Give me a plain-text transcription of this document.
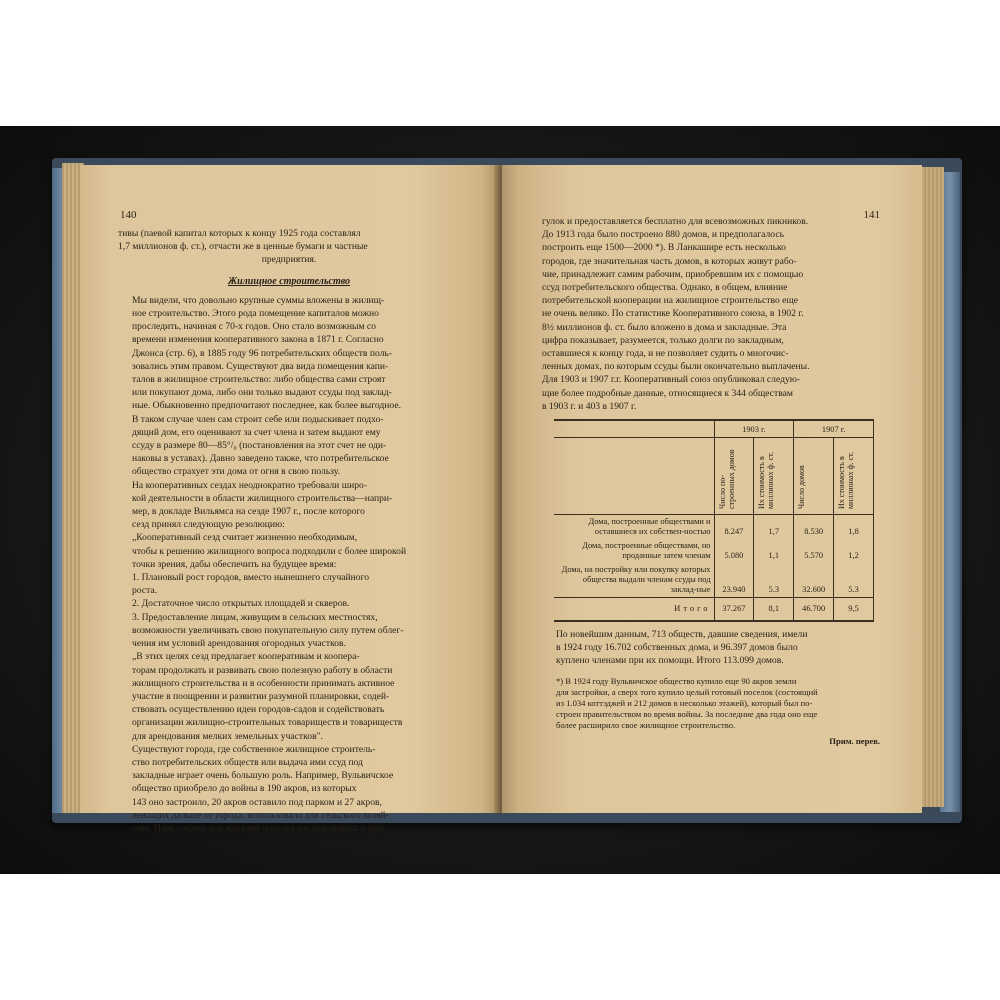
140

тивы (паевой капитал которых к концу 1925 года составлял
1,7 миллионов ф. ст.), отчасти же в ценные бумаги и частные
предприятия.

Жилищное строительство

Мы видели, что довольно крупные суммы вложены в жилищ-
ное строительство. Этого рода помещение капиталов можно
проследить, начиная с 70-х годов. Оно стало возможным со
времени изменения кооперативного закона в 1871 г. Согласно
Джонса (стр. 6), в 1885 году 96 потребительских обществ поль-
зовались этим правом. Существуют два вида помещения капи-
талов в жилищное строительство: либо общества сами строят
или покупают дома, либо они только выдают ссуды под заклад-
ные. Обыкновенно предпочитают последнее, как более выгодное.
В таком случае член сам строит себе или подыскивает подхо-
дящий дом, его оценивают за счет члена и затем выдают ему
ссуду в размере 80—85°/₀ (постановления на этот счет не оди-
наковы в уставах). Давно заведено также, что потребительское
общество страхует эти дома от огня в свою пользу.

На кооперативных сездах неоднократно требовали широ-
кой деятельности в области жилищного строительства—напри-
мер, в докладе Вильямса на сезде 1907 г., после которого
сезд принял следующую резолюцию:

„Кооперативный сезд считает жизненно необходимым,
чтобы к решению жилищного вопроса подходили с более широкой
точки зрения, дабы обеспечить на будущее время:

1. Плановый рост городов, вместо нынешнего случайного
роста.

2. Достаточное число открытых площадей и скверов.

3. Предоставление лицам, живущим в сельских местностях,
возможности увеличивать свою покупательную силу путем облег-
чения им условий арендования огородных участков.

„В этих целях сезд предлагает кооперативам и коопера-
торам продолжать и развивать свою полезную работу в области
жилищного строительства и в особенности принимать активное
участие в поощрении и развитии разумной планировки, содей-
ствовать осуществлению идеи городов-садов и содействовать
организации жилищно-строительных товариществ и товариществ
для арендования мелких земельных участков".

Существуют города, где собственное жилищное строитель-
ство потребительских обществ или выдача ими ссуд под
закладные играет очень большую роль. Например, Вульвичское
общество приобрело до войны в 190 акров, из которых
143 оно застроило, 20 акров оставило под парком и 27 акров,
лежащих дальше от города, использовало для сельского хозяй-
ства. Парк служит для жителей поселка местом отдыха и про-

141

гулок и предоставляется бесплатно для всевозможных пикников.
До 1913 года было построено 880 домов, и предполагалось
построить еще 1500—2000 *). В Ланкашире есть несколько
городов, где значительная часть домов, в которых живут рабо-
чие, принадлежит самим рабочим, приобревшим их с помощью
ссуд потребительского общества. Однако, в общем, влияние
потребительской кооперации на жилищное строительство еще
не очень велико. По статистике Кооперативного союза, в 1902 г.
8½ миллионов ф. ст. было вложено в дома и закладные. Эта
цифра показывает, разумеется, только долги по закладным,
оставшиеся к концу года, и не позволяет судить о многочис-
ленных домах, по которым ссуды были окончательно выплачены.
Для 1903 и 1907 г.г. Кооперативный союз опубликовал следую-
щие более подробные данные, относящиеся к 344 обществам
в 1903 г. и 403 в 1907 г.

	1903 г.		1907 г.	
	Число по-строенных домов	Их стоимость в миллионах ф. ст.	Число домов	Их стоимость в миллионах ф. ст.
Дома, построенные обществами и оставшиеся их собствен-ностью	8.247	1,7	8.530	1,8
Дома, построенные обществами, но проданные затем членам	5.080	1,1	5.570	1,2
Дома, на постройку или покупку которых общества выдали членам ссуды под заклад-ные	23.940	5.3	32.600	5.3
Итого	37.267	8,1	46.700	9,5

По новейшим данным, 713 обществ, давшие сведения, имели
в 1924 году 16.702 собственных дома, и 96.397 домов было
куплено членами при их помощи. Итого 113.099 домов.

*) В 1924 году Вульвичское общество купило еще 90 акров земли
для застройки, а сверх того купило целый готовый поселок (состоящий
из 1.034 коттэджей и 212 домов в несколько этажей), который был по-
строен правительством во время войны. За последние два года оно еще
более расширило свое жилищное строительство.

Прим. перев.
